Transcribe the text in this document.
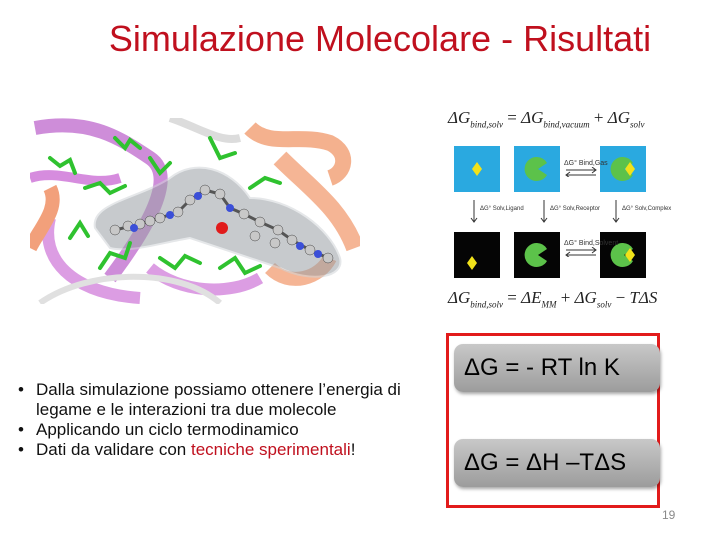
Simulazione Molecolare - Risultati
$\Delta G_{bind,solv} = \Delta G_{bind,vacuum} + \Delta G_{solv}$
ΔG° Bind,Gas
ΔG° Solv,Ligand	ΔG° Solv,Receptor	ΔG° Solv,Complex
ΔG° Bind,Solvent
$\Delta G_{bind,solv} = \Delta E_{MM} + \Delta G_{solv} - T\Delta S$
• Dalla simulazione possiamo ottenere l’energia di legame e le interazioni tra due molecole
• Applicando un ciclo termodinamico
• Dati da validare con tecniche sperimentali!
ΔG = - RT ln K
ΔG = ΔH –TΔS
19
